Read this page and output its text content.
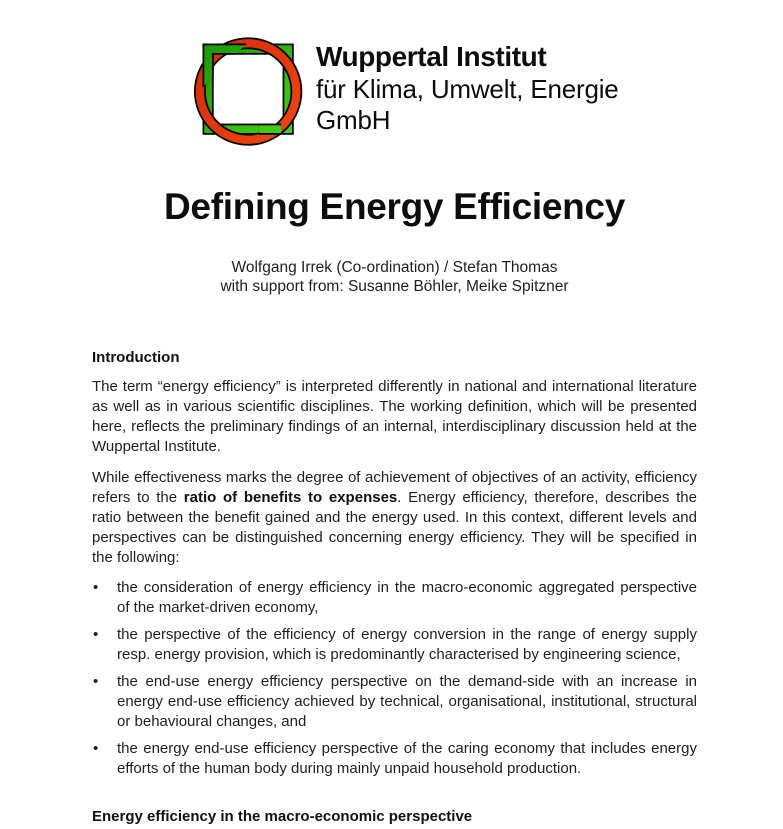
Wuppertal Institut
für Klima, Umwelt, Energie
GmbH
Defining Energy Efficiency
Wolfgang Irrek (Co-ordination) / Stefan Thomas
with support from: Susanne Böhler, Meike Spitzner
Introduction

The term “energy efficiency” is interpreted differently in national and international literature as well as in various scientific disciplines. The working definition, which will be presented here, reflects the preliminary findings of an internal, interdisciplinary discussion held at the Wuppertal Institute.

While effectiveness marks the degree of achievement of objectives of an activity, efficiency refers to the ratio of benefits to expenses. Energy efficiency, therefore, describes the ratio between the benefit gained and the energy used. In this context, different levels and perspectives can be distinguished concerning energy efficiency. They will be specified in the following:

• the consideration of energy efficiency in the macro-economic aggregated perspective of the market-driven economy,
• the perspective of the efficiency of energy conversion in the range of energy supply resp. energy provision, which is predominantly characterised by engineering science,
• the end-use energy efficiency perspective on the demand-side with an increase in energy end-use efficiency achieved by technical, organisational, institutional, structural or behavioural changes, and
• the energy end-use efficiency perspective of the caring economy that includes energy efforts of the human body during mainly unpaid household production.
Energy efficiency in the macro-economic perspective
